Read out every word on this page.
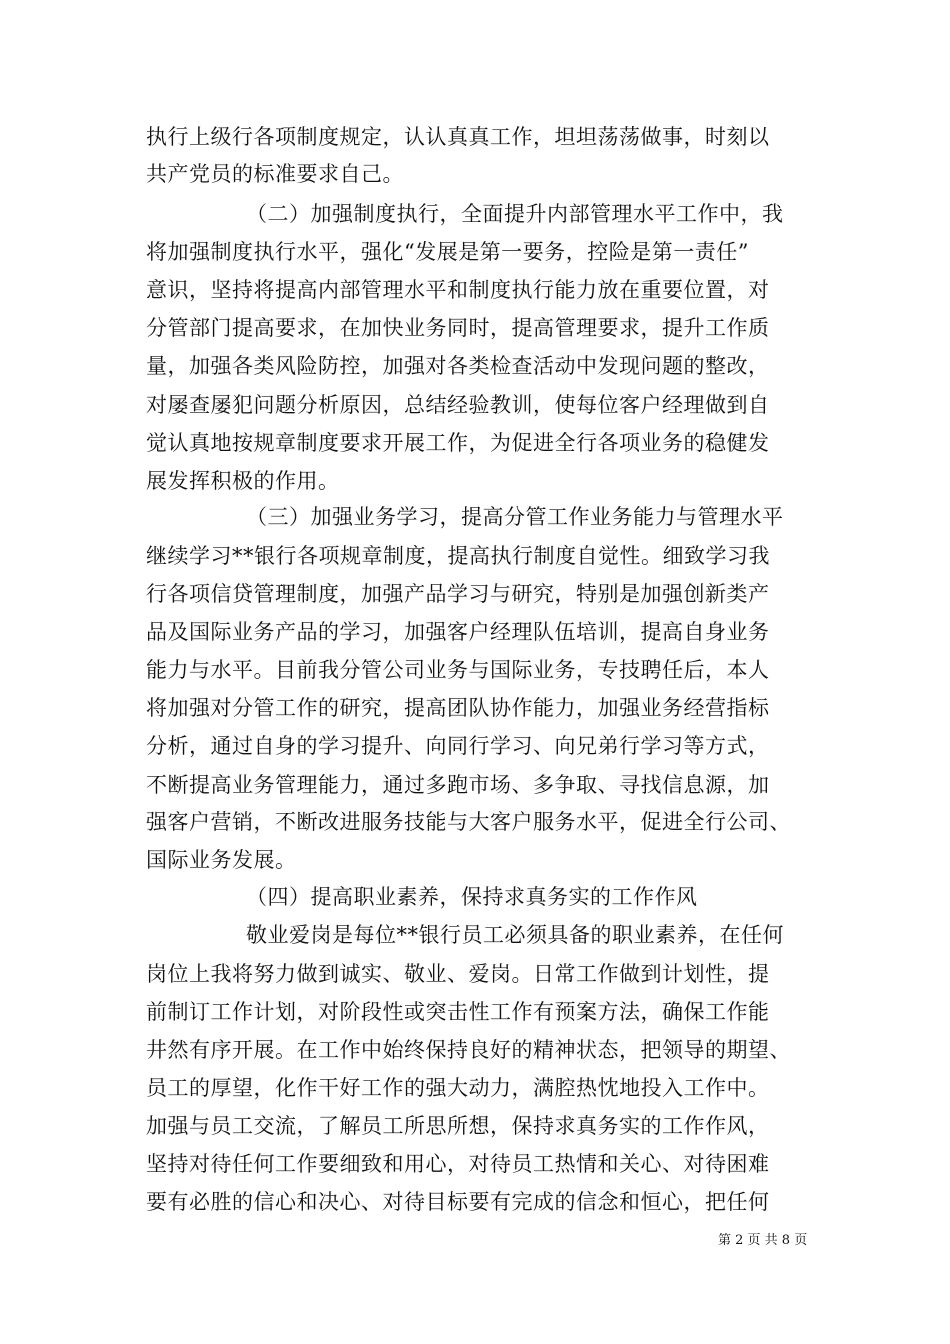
执行上级行各项制度规定，认认真真工作，坦坦荡荡做事，时刻以
共产党员的标准要求自己。
（二）加强制度执行，全面提升内部管理水平工作中，我
将加强制度执行水平，强化“发展是第一要务，控险是第一责任”
意识，坚持将提高内部管理水平和制度执行能力放在重要位置，对
分管部门提高要求，在加快业务同时，提高管理要求，提升工作质
量，加强各类风险防控，加强对各类检查活动中发现问题的整改，
对屡查屡犯问题分析原因，总结经验教训，使每位客户经理做到自
觉认真地按规章制度要求开展工作，为促进全行各项业务的稳健发
展发挥积极的作用。
（三）加强业务学习，提高分管工作业务能力与管理水平
继续学习**银行各项规章制度，提高执行制度自觉性。细致学习我
行各项信贷管理制度，加强产品学习与研究，特别是加强创新类产
品及国际业务产品的学习，加强客户经理队伍培训，提高自身业务
能力与水平。目前我分管公司业务与国际业务，专技聘任后，本人
将加强对分管工作的研究，提高团队协作能力，加强业务经营指标
分析，通过自身的学习提升、向同行学习、向兄弟行学习等方式，
不断提高业务管理能力，通过多跑市场、多争取、寻找信息源，加
强客户营销，不断改进服务技能与大客户服务水平，促进全行公司、
国际业务发展。
（四）提高职业素养，保持求真务实的工作作风
敬业爱岗是每位**银行员工必须具备的职业素养，在任何
岗位上我将努力做到诚实、敬业、爱岗。日常工作做到计划性，提
前制订工作计划，对阶段性或突击性工作有预案方法，确保工作能
井然有序开展。在工作中始终保持良好的精神状态，把领导的期望、
员工的厚望，化作干好工作的强大动力，满腔热忱地投入工作中。
加强与员工交流，了解员工所思所想，保持求真务实的工作作风，
坚持对待任何工作要细致和用心，对待员工热情和关心、对待困难
要有必胜的信心和决心、对待目标要有完成的信念和恒心，把任何
第 2 页 共 8 页
